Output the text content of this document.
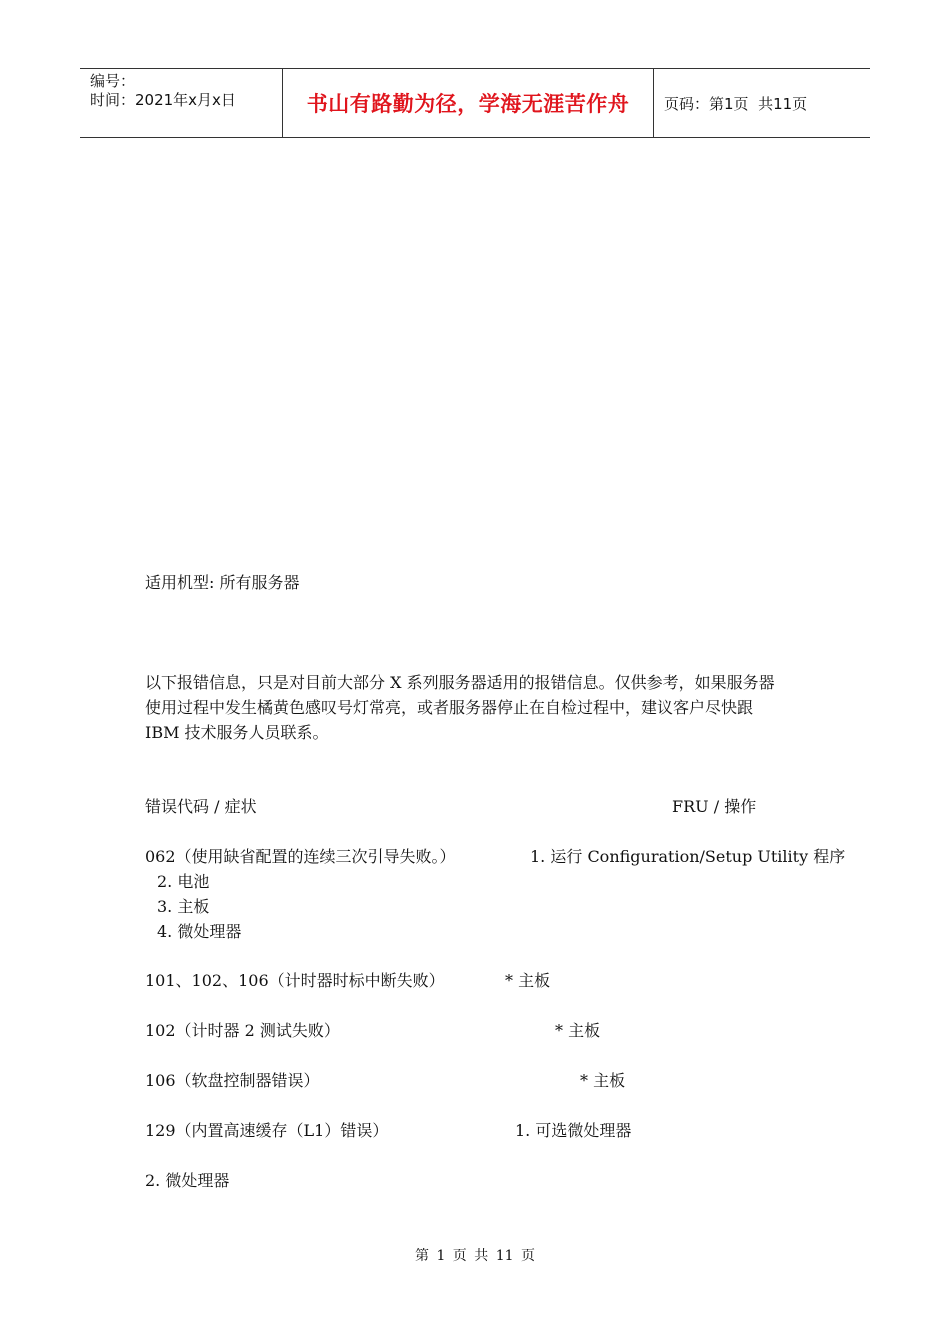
编号：
时间：2021年x月x日	书山有路勤为径，学海无涯苦作舟	页码：第1页  共11页
适用机型: 所有服务器
以下报错信息，只是对目前大部分 X 系列服务器适用的报错信息。仅供参考，如果服务器
使用过程中发生橘黄色感叹号灯常亮，或者服务器停止在自检过程中，建议客户尽快跟
IBM 技术服务人员联系。
错误代码 / 症状	FRU / 操作
062（使用缺省配置的连续三次引导失败。）	1. 运行 Configuration/Setup Utility 程序
2. 电池
3. 主板
4. 微处理器
101、102、106（计时器时标中断失败）	* 主板
102（计时器 2 测试失败）	* 主板
106（软盘控制器错误）	* 主板
129（内置高速缓存（L1）错误）	1. 可选微处理器
2. 微处理器
第 1 页 共 11 页
